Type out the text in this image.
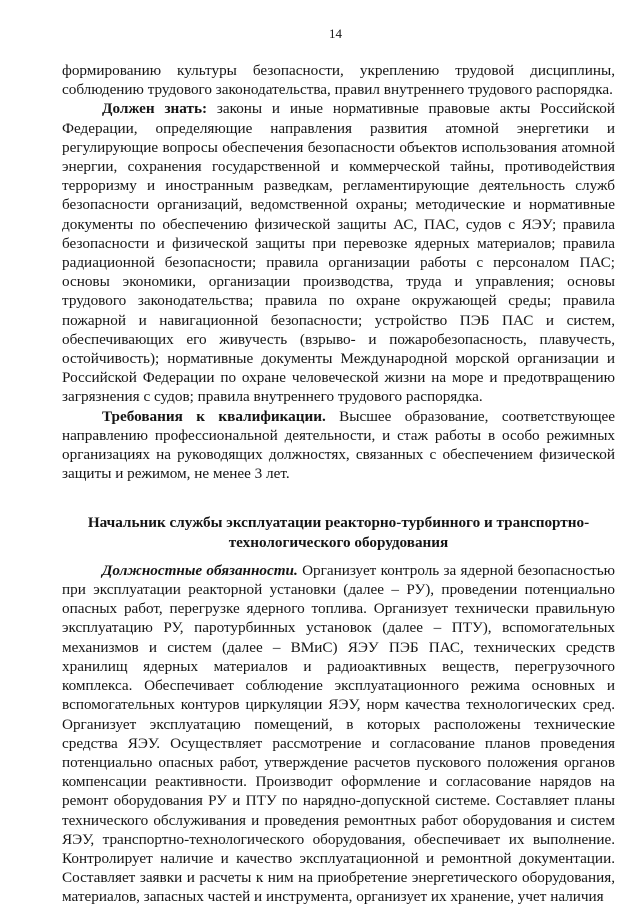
14

формированию культуры безопасности, укреплению трудовой дисциплины, соблюдению трудового законодательства, правил внутреннего трудового распорядка.

Должен знать: законы и иные нормативные правовые акты Российской Федерации, определяющие направления развития атомной энергетики и регулирующие вопросы обеспечения безопасности объектов использования атомной энергии, сохранения государственной и коммерческой тайны, противодействия терроризму и иностранным разведкам, регламентирующие деятельность служб безопасности организаций, ведомственной охраны; методические и нормативные документы по обеспечению физической защиты АС, ПАС, судов с ЯЭУ; правила безопасности и физической защиты при перевозке ядерных материалов; правила радиационной безопасности; правила организации работы с персоналом ПАС; основы экономики, организации производства, труда и управления; основы трудового законодательства; правила по охране окружающей среды; правила пожарной и навигационной безопасности; устройство ПЭБ ПАС и систем, обеспечивающих его живучесть (взрыво- и пожаробезопасность, плавучесть, остойчивость); нормативные документы Международной морской организации и Российской Федерации по охране человеческой жизни на море и предотвращению загрязнения с судов; правила внутреннего трудового распорядка.

Требования к квалификации. Высшее образование, соответствующее направлению профессиональной деятельности, и стаж работы в особо режимных организациях на руководящих должностях, связанных с обеспечением физической защиты и режимом, не менее 3 лет.

Начальник службы эксплуатации реакторно-турбинного и транспортно-технологического оборудования

Должностные обязанности. Организует контроль за ядерной безопасностью при эксплуатации реакторной установки (далее – РУ), проведении потенциально опасных работ, перегрузке ядерного топлива. Организует технически правильную эксплуатацию РУ, паротурбинных установок (далее – ПТУ), вспомогательных механизмов и систем (далее – ВМиС) ЯЭУ ПЭБ ПАС, технических средств хранилищ ядерных материалов и радиоактивных веществ, перегрузочного комплекса. Обеспечивает соблюдение эксплуатационного режима основных и вспомогательных контуров циркуляции ЯЭУ, норм качества технологических сред. Организует эксплуатацию помещений, в которых расположены технические средства ЯЭУ. Осуществляет рассмотрение и согласование планов проведения потенциально опасных работ, утверждение расчетов пускового положения органов компенсации реактивности. Производит оформление и согласование нарядов на ремонт оборудования РУ и ПТУ по нарядно-допускной системе. Составляет планы технического обслуживания и проведения ремонтных работ оборудования и систем ЯЭУ, транспортно-технологического оборудования, обеспечивает их выполнение. Контролирует наличие и качество эксплуатационной и ремонтной документации. Составляет заявки и расчеты к ним на приобретение энергетического оборудования, материалов, запасных частей и инструмента, организует их хранение, учет наличия
